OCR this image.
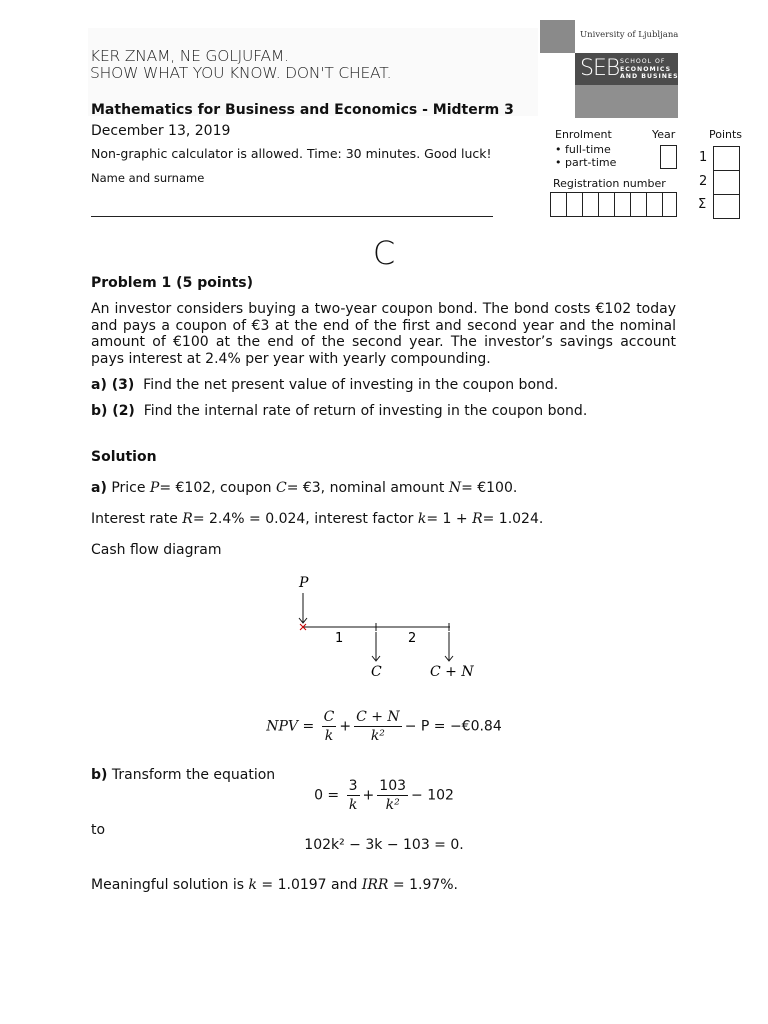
KER ZNAM, NE GOLJUFAM.
SHOW WHAT YOU KNOW. DON'T CHEAT.
University of Ljubljana
SEB SCHOOL OF
ECONOMICS
AND BUSINESS
Mathematics for Business and Economics - Midterm 3
December 13, 2019
Non-graphic calculator is allowed. Time: 30 minutes. Good luck!
Name and surname
Enrolment
• full-time
• part-time
Year
Registration number
Points
1
2
Σ
C
Problem 1 (5 points)
An investor considers buying a two-year coupon bond. The bond costs €102 today and pays a coupon of €3 at the end of the first and second year and the nominal amount of €100 at the end of the second year. The investor’s savings account pays interest at 2.4% per year with yearly compounding.
a) (3) Find the net present value of investing in the coupon bond.
b) (2) Find the internal rate of return of investing in the coupon bond.
Solution
a) Price P= €102, coupon C= €3, nominal amount N= €100.
Interest rate R= 2.4% = 0.024, interest factor k= 1 + R= 1.024.
Cash flow diagram
P
1	2
C	C + N
NPV = $\frac{C}{k} + \frac{C + N}{\text{k²}} - P$ = −€0.84
b) Transform the equation
$0 = \frac{3}{k} + \frac{103}{\text{k²}} - 102$
to
102k² − 3k − 103 = 0.
Meaningful solution is k = 1.0197 and IRR = 1.97%.
